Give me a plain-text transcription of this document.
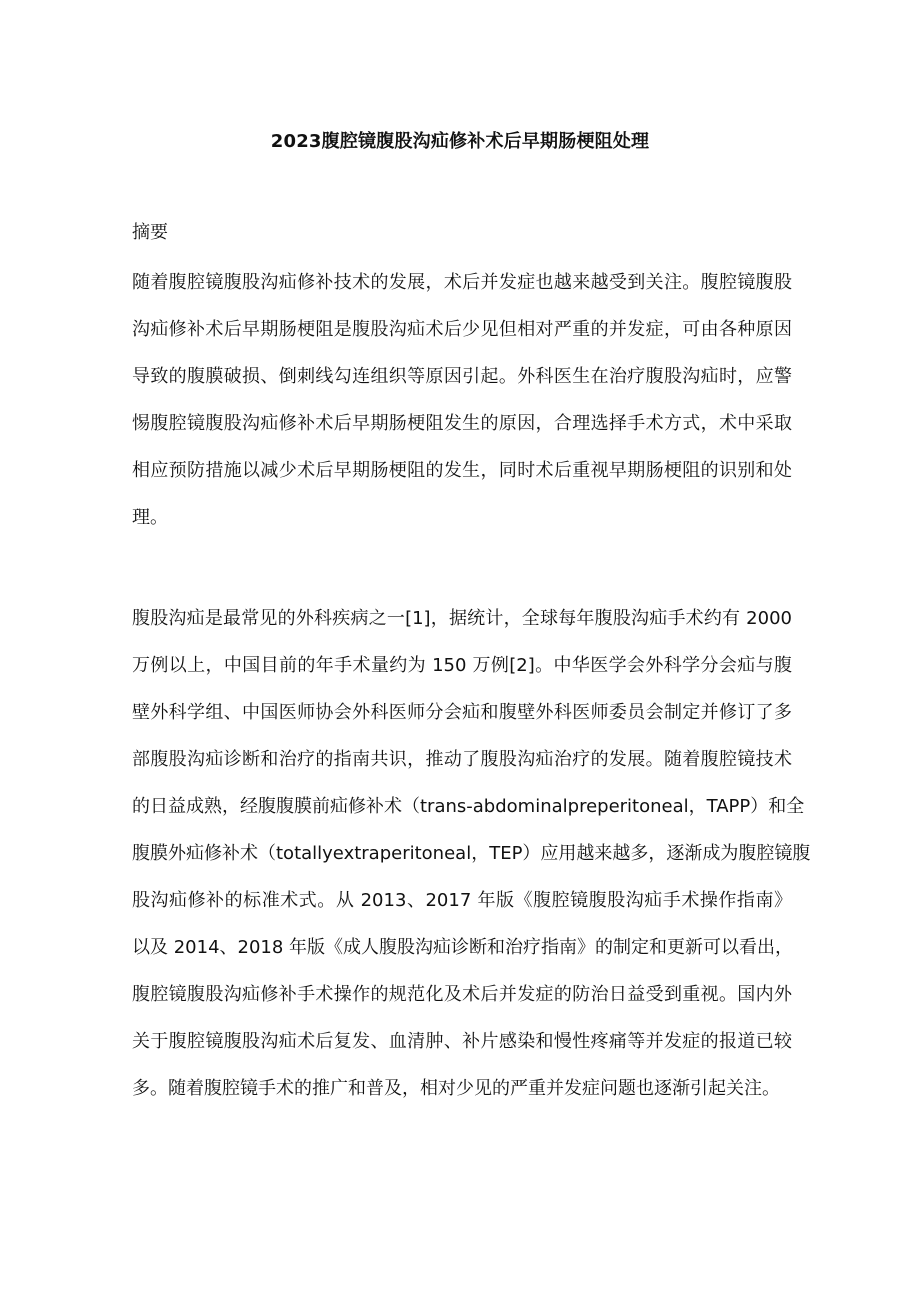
2023腹腔镜腹股沟疝修补术后早期肠梗阻处理
摘要
随着腹腔镜腹股沟疝修补技术的发展，术后并发症也越来越受到关注。腹腔镜腹股
沟疝修补术后早期肠梗阻是腹股沟疝术后少见但相对严重的并发症，可由各种原因
导致的腹膜破损、倒刺线勾连组织等原因引起。外科医生在治疗腹股沟疝时，应警
惕腹腔镜腹股沟疝修补术后早期肠梗阻发生的原因，合理选择手术方式，术中采取
相应预防措施以减少术后早期肠梗阻的发生，同时术后重视早期肠梗阻的识别和处
理。
腹股沟疝是最常见的外科疾病之一[1]，据统计，全球每年腹股沟疝手术约有 2000
万例以上，中国目前的年手术量约为 150 万例[2]。中华医学会外科学分会疝与腹
壁外科学组、中国医师协会外科医师分会疝和腹壁外科医师委员会制定并修订了多
部腹股沟疝诊断和治疗的指南共识，推动了腹股沟疝治疗的发展。随着腹腔镜技术
的日益成熟，经腹腹膜前疝修补术（trans-abdominalpreperitoneal，TAPP）和全
腹膜外疝修补术（totallyextraperitoneal，TEP）应用越来越多，逐渐成为腹腔镜腹
股沟疝修补的标准术式。从 2013、2017 年版《腹腔镜腹股沟疝手术操作指南》
以及 2014、2018 年版《成人腹股沟疝诊断和治疗指南》的制定和更新可以看出，
腹腔镜腹股沟疝修补手术操作的规范化及术后并发症的防治日益受到重视。国内外
关于腹腔镜腹股沟疝术后复发、血清肿、补片感染和慢性疼痛等并发症的报道已较
多。随着腹腔镜手术的推广和普及，相对少见的严重并发症问题也逐渐引起关注。
